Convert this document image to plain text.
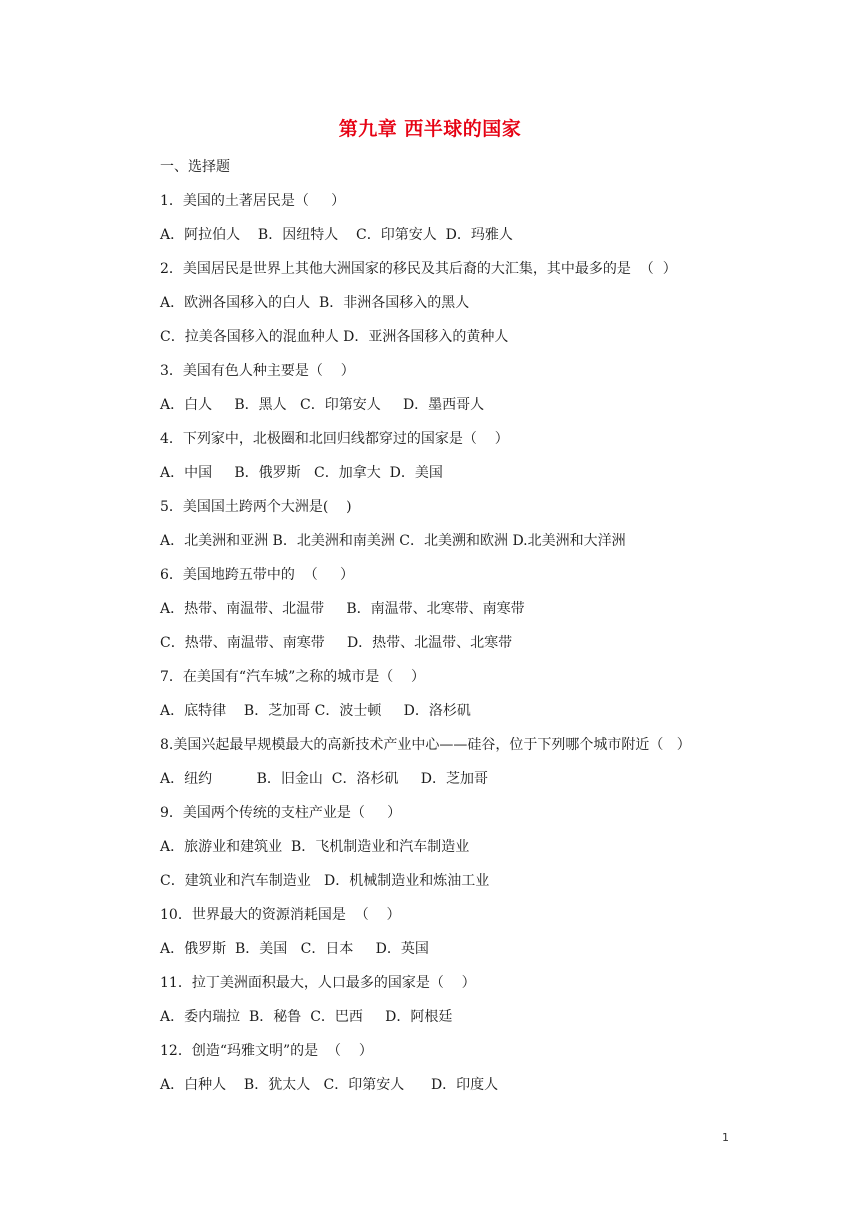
第九章 西半球的国家
一、选择题
1．美国的土著居民是（     ）
A．阿拉伯人    B．因纽特人    C．印第安人  D．玛雅人
2．美国居民是世界上其他大洲国家的移民及其后裔的大汇集，其中最多的是  （  ）
A．欧洲各国移入的白人  B．非洲各国移入的黑人
C．拉美各国移入的混血种人 D．亚洲各国移入的黄种人
3．美国有色人种主要是（    ）
A．白人     B．黑人   C．印第安人     D．墨西哥人
4．下列家中，北极圈和北回归线都穿过的国家是（    ）
A．中国     B．俄罗斯   C．加拿大  D．美国
5．美国国土跨两个大洲是(    )
A．北美洲和亚洲 B．北美洲和南美洲 C．北美溯和欧洲 D.北美洲和大洋洲
6．美国地跨五带中的  （     ）
A．热带、南温带、北温带     B．南温带、北寒带、南寒带
C．热带、南温带、南寒带     D．热带、北温带、北寒带
7．在美国有“汽车城”之称的城市是（    ）
A．底特律    B．芝加哥 C．波士顿     D．洛杉矶
8.美国兴起最早规模最大的高新技术产业中心——硅谷，位于下列哪个城市附近（   ）
A．纽约          B．旧金山  C．洛杉矶     D．芝加哥
9．美国两个传统的支柱产业是（     ）
A．旅游业和建筑业  B．飞机制造业和汽车制造业
C．建筑业和汽车制造业   D．机械制造业和炼油工业
10．世界最大的资源消耗国是  （    ）
A．俄罗斯  B．美国   C．日本     D．英国
11．拉丁美洲面积最大，人口最多的国家是（    ）
A．委内瑞拉  B．秘鲁  C．巴西     D．阿根廷
12．创造“玛雅文明”的是  （    ）
A．白种人    B．犹太人   C．印第安人      D．印度人
1
